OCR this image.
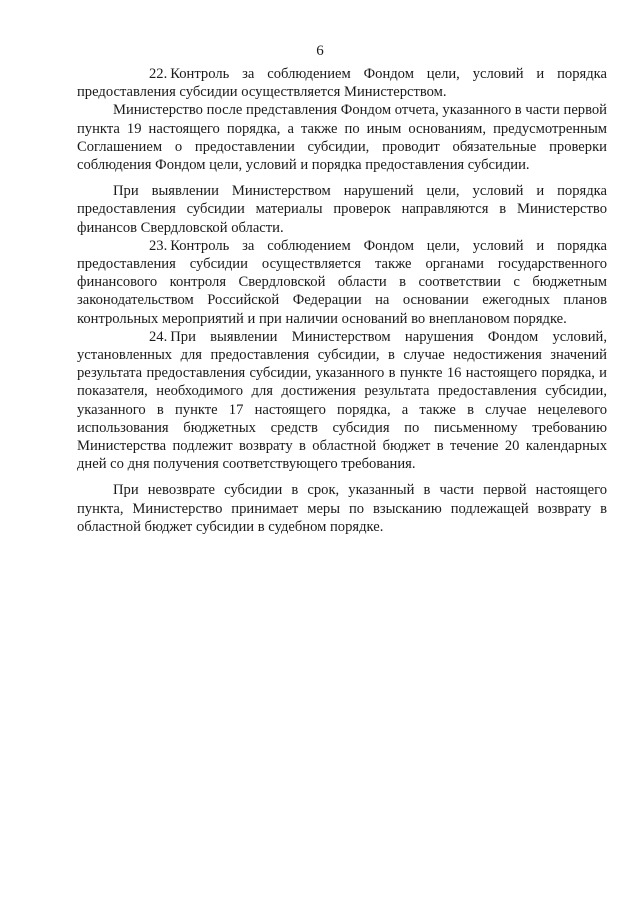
6

22. Контроль за соблюдением Фондом цели, условий и порядка предоставления субсидии осуществляется Министерством.

Министерство после представления Фондом отчета, указанного в части первой пункта 19 настоящего порядка, а также по иным основаниям, предусмотренным Соглашением о предоставлении субсидии, проводит обязательные проверки соблюдения Фондом цели, условий и порядка предоставления субсидии.

При выявлении Министерством нарушений цели, условий и порядка предоставления субсидии материалы проверок направляются в Министерство финансов Свердловской области.

23. Контроль за соблюдением Фондом цели, условий и порядка предоставления субсидии осуществляется также органами государственного финансового контроля Свердловской области в соответствии с бюджетным законодательством Российской Федерации на основании ежегодных планов контрольных мероприятий и при наличии оснований во внеплановом порядке.

24. При выявлении Министерством нарушения Фондом условий, установленных для предоставления субсидии, в случае недостижения значений результата предоставления субсидии, указанного в пункте 16 настоящего порядка, и показателя, необходимого для достижения результата предоставления субсидии, указанного в пункте 17 настоящего порядка, а также в случае нецелевого использования бюджетных средств субсидия по письменному требованию Министерства подлежит возврату в областной бюджет в течение 20 календарных дней со дня получения соответствующего требования.

При невозврате субсидии в срок, указанный в части первой настоящего пункта, Министерство принимает меры по взысканию подлежащей возврату в областной бюджет субсидии в судебном порядке.
